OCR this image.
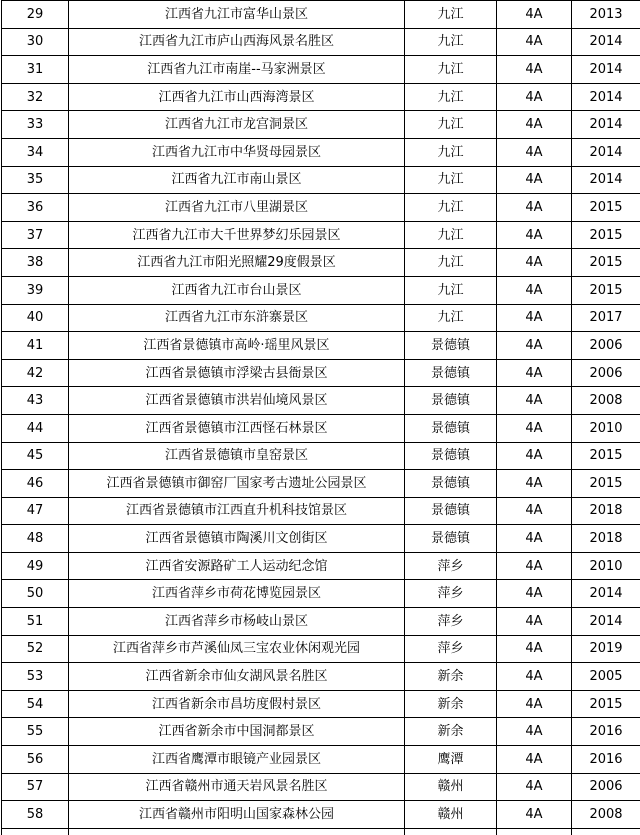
29	江西省九江市富华山景区	九江	4A	2013
30	江西省九江市庐山西海风景名胜区	九江	4A	2014
31	江西省九江市南崖--马家洲景区	九江	4A	2014
32	江西省九江市山西海湾景区	九江	4A	2014
33	江西省九江市龙宫洞景区	九江	4A	2014
34	江西省九江市中华贤母园景区	九江	4A	2014
35	江西省九江市南山景区	九江	4A	2014
36	江西省九江市八里湖景区	九江	4A	2015
37	江西省九江市大千世界梦幻乐园景区	九江	4A	2015
38	江西省九江市阳光照耀29度假景区	九江	4A	2015
39	江西省九江市台山景区	九江	4A	2015
40	江西省九江市东浒寨景区	九江	4A	2017
41	江西省景德镇市高岭·瑶里风景区	景德镇	4A	2006
42	江西省景德镇市浮梁古县衙景区	景德镇	4A	2006
43	江西省景德镇市洪岩仙境风景区	景德镇	4A	2008
44	江西省景德镇市江西怪石林景区	景德镇	4A	2010
45	江西省景德镇市皇窑景区	景德镇	4A	2015
46	江西省景德镇市御窑厂国家考古遗址公园景区	景德镇	4A	2015
47	江西省景德镇市江西直升机科技馆景区	景德镇	4A	2018
48	江西省景德镇市陶溪川文创街区	景德镇	4A	2018
49	江西省安源路矿工人运动纪念馆	萍乡	4A	2010
50	江西省萍乡市荷花博览园景区	萍乡	4A	2014
51	江西省萍乡市杨岐山景区	萍乡	4A	2014
52	江西省萍乡市芦溪仙凤三宝农业休闲观光园	萍乡	4A	2019
53	江西省新余市仙女湖风景名胜区	新余	4A	2005
54	江西省新余市昌坊度假村景区	新余	4A	2015
55	江西省新余市中国洞都景区	新余	4A	2016
56	江西省鹰潭市眼镜产业园景区	鹰潭	4A	2016
57	江西省赣州市通天岩风景名胜区	赣州	4A	2006
58	江西省赣州市阳明山国家森林公园	赣州	4A	2008
